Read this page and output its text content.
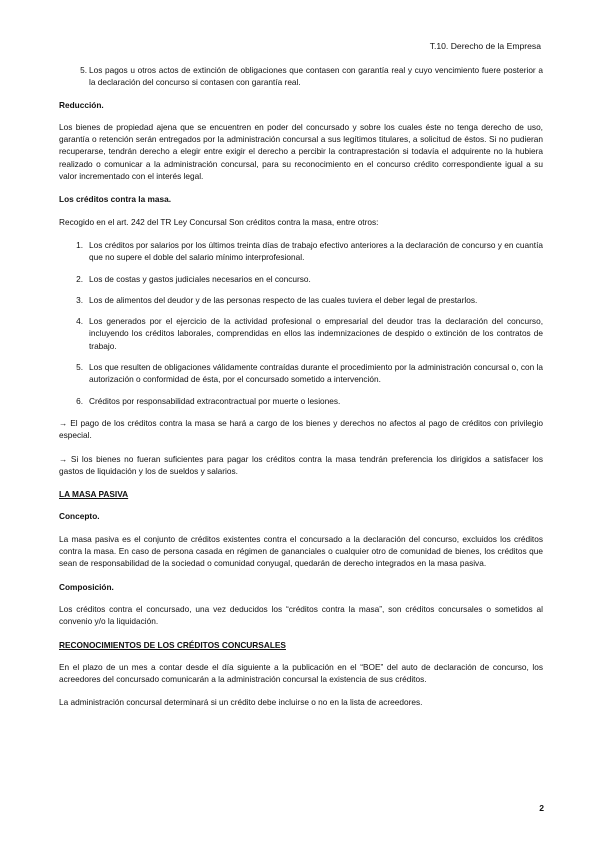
T.10. Derecho de la Empresa
5. Los pagos u otros actos de extinción de obligaciones que contasen con garantía real y cuyo vencimiento fuere posterior a la declaración del concurso si contasen con garantía real.

Reducción.

Los bienes de propiedad ajena que se encuentren en poder del concursado y sobre los cuales éste no tenga derecho de uso, garantía o retención serán entregados por la administración concursal a sus legítimos titulares, a solicitud de éstos. Si no pudieran recuperarse, tendrán derecho a elegir entre exigir el derecho a percibir la contraprestación si todavía el adquirente no la hubiera realizado o comunicar a la administración concursal, para su reconocimiento en el concurso crédito correspondiente igual a su valor incrementado con el interés legal.

Los créditos contra la masa.

Recogido en el art. 242 del TR Ley Concursal Son créditos contra la masa, entre otros:

1. Los créditos por salarios por los últimos treinta días de trabajo efectivo anteriores a la declaración de concurso y en cuantía que no supere el doble del salario mínimo interprofesional.
2. Los de costas y gastos judiciales necesarios en el concurso.
3. Los de alimentos del deudor y de las personas respecto de las cuales tuviera el deber legal de prestarlos.
4. Los generados por el ejercicio de la actividad profesional o empresarial del deudor tras la declaración del concurso, incluyendo los créditos laborales, comprendidas en ellos las indemnizaciones de despido o extinción de los contratos de trabajo.
5. Los que resulten de obligaciones válidamente contraídas durante el procedimiento por la administración concursal o, con la autorización o conformidad de ésta, por el concursado sometido a intervención.
6. Créditos por responsabilidad extracontractual por muerte o lesiones.

→ El pago de los créditos contra la masa se hará a cargo de los bienes y derechos no afectos al pago de créditos con privilegio especial.

→ Si los bienes no fueran suficientes para pagar los créditos contra la masa tendrán preferencia los dirigidos a satisfacer los gastos de liquidación y los de sueldos y salarios.

LA MASA PASIVA

Concepto.

La masa pasiva es el conjunto de créditos existentes contra el concursado a la declaración del concurso, excluidos los créditos contra la masa. En caso de persona casada en régimen de gananciales o cualquier otro de comunidad de bienes, los créditos que sean de responsabilidad de la sociedad o comunidad conyugal, quedarán de derecho integrados en la masa pasiva.

Composición.

Los créditos contra el concursado, una vez deducidos los “créditos contra la masa”, son créditos concursales o sometidos al convenio y/o la liquidación.

RECONOCIMIENTOS DE LOS CRÉDITOS CONCURSALES

En el plazo de un mes a contar desde el día siguiente a la publicación en el “BOE” del auto de declaración de concurso, los acreedores del concursado comunicarán a la administración concursal la existencia de sus créditos.

La administración concursal determinará si un crédito debe incluirse o no en la lista de acreedores.

2
